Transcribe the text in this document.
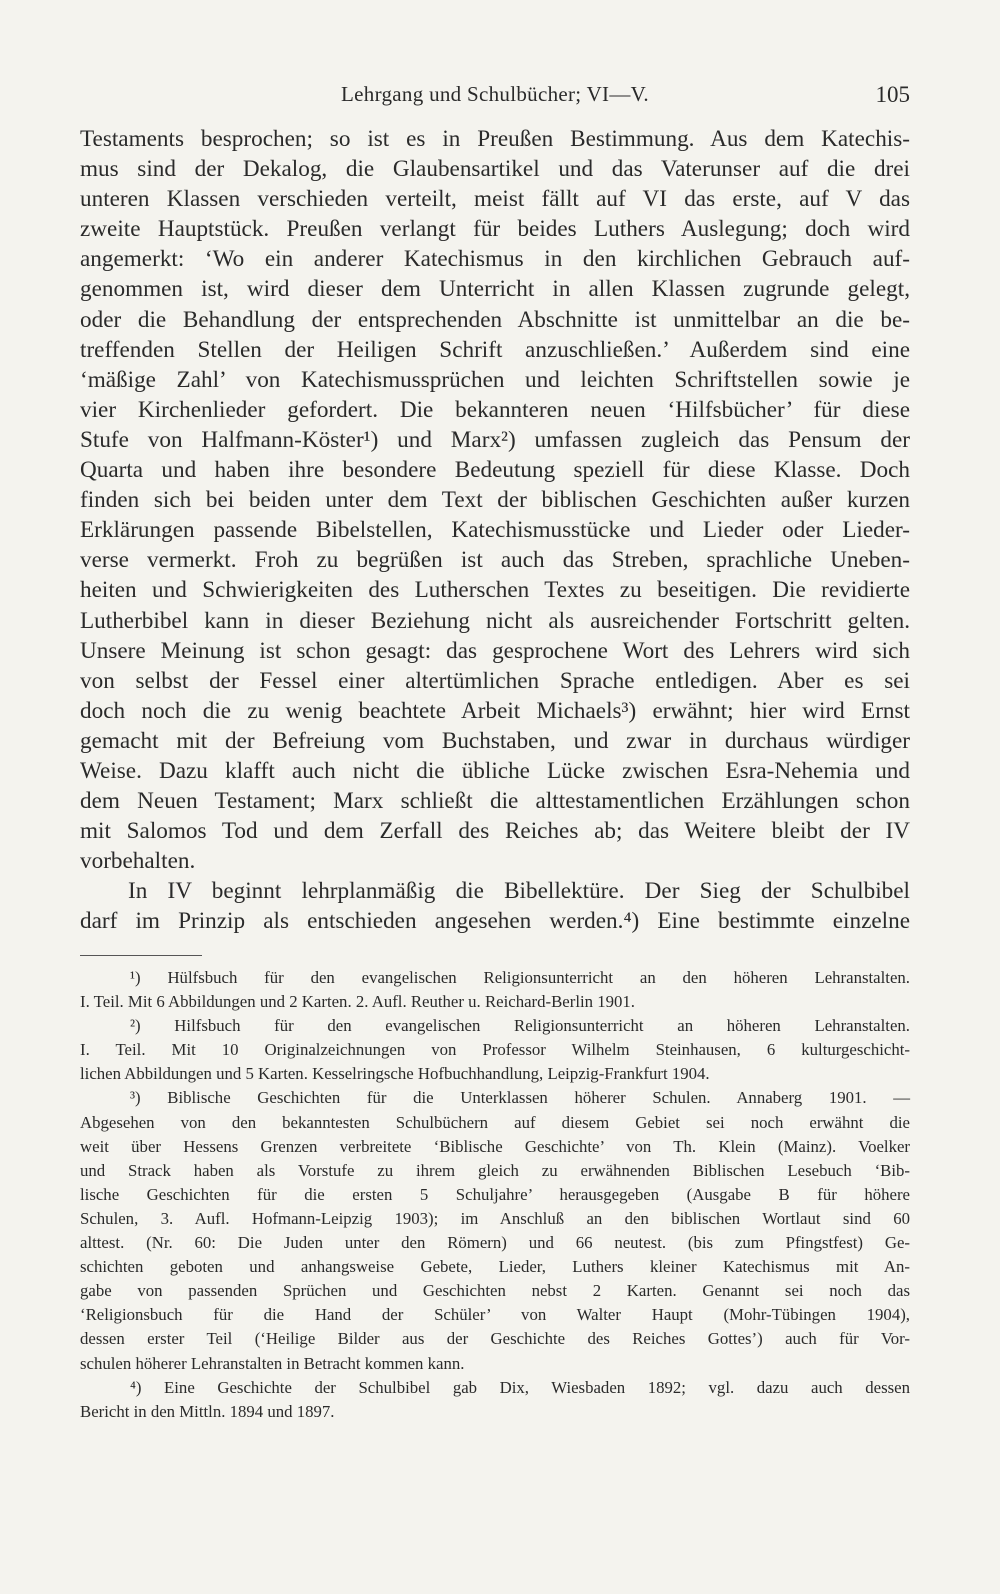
Lehrgang und Schulbücher; VI—V.	105
Testaments besprochen; so ist es in Preußen Bestimmung. Aus dem Katechis-
mus sind der Dekalog, die Glaubensartikel und das Vaterunser auf die drei
unteren Klassen verschieden verteilt, meist fällt auf VI das erste, auf V das
zweite Hauptstück. Preußen verlangt für beides Luthers Auslegung; doch wird
angemerkt: ʻWo ein anderer Katechismus in den kirchlichen Gebrauch auf-
genommen ist, wird dieser dem Unterricht in allen Klassen zugrunde gelegt,
oder die Behandlung der entsprechenden Abschnitte ist unmittelbar an die be-
treffenden Stellen der Heiligen Schrift anzuschließen.’ Außerdem sind eine
ʻmäßige Zahl’ von Katechismussprüchen und leichten Schriftstellen sowie je
vier Kirchenlieder gefordert. Die bekannteren neuen ʻHilfsbücher’ für diese
Stufe von Halfmann-Köster¹) und Marx²) umfassen zugleich das Pensum der
Quarta und haben ihre besondere Bedeutung speziell für diese Klasse. Doch
finden sich bei beiden unter dem Text der biblischen Geschichten außer kurzen
Erklärungen passende Bibelstellen, Katechismusstücke und Lieder oder Lieder-
verse vermerkt. Froh zu begrüßen ist auch das Streben, sprachliche Uneben-
heiten und Schwierigkeiten des Lutherschen Textes zu beseitigen. Die revidierte
Lutherbibel kann in dieser Beziehung nicht als ausreichender Fortschritt gelten.
Unsere Meinung ist schon gesagt: das gesprochene Wort des Lehrers wird sich
von selbst der Fessel einer altertümlichen Sprache entledigen. Aber es sei
doch noch die zu wenig beachtete Arbeit Michaels³) erwähnt; hier wird Ernst
gemacht mit der Befreiung vom Buchstaben, und zwar in durchaus würdiger
Weise. Dazu klafft auch nicht die übliche Lücke zwischen Esra-Nehemia und
dem Neuen Testament; Marx schließt die alttestamentlichen Erzählungen schon
mit Salomos Tod und dem Zerfall des Reiches ab; das Weitere bleibt der IV
vorbehalten.
In IV beginnt lehrplanmäßig die Bibellektüre. Der Sieg der Schulbibel
darf im Prinzip als entschieden angesehen werden.⁴) Eine bestimmte einzelne
¹) Hülfsbuch für den evangelischen Religionsunterricht an den höheren Lehranstalten.
I. Teil. Mit 6 Abbildungen und 2 Karten. 2. Aufl. Reuther u. Reichard-Berlin 1901.
²) Hilfsbuch für den evangelischen Religionsunterricht an höheren Lehranstalten.
I. Teil. Mit 10 Originalzeichnungen von Professor Wilhelm Steinhausen, 6 kulturgeschicht-
lichen Abbildungen und 5 Karten. Kesselringsche Hofbuchhandlung, Leipzig-Frankfurt 1904.
³) Biblische Geschichten für die Unterklassen höherer Schulen. Annaberg 1901. —
Abgesehen von den bekanntesten Schulbüchern auf diesem Gebiet sei noch erwähnt die
weit über Hessens Grenzen verbreitete ʻBiblische Geschichte’ von Th. Klein (Mainz). Voelker
und Strack haben als Vorstufe zu ihrem gleich zu erwähnenden Biblischen Lesebuch ʻBib-
lische Geschichten für die ersten 5 Schuljahre’ herausgegeben (Ausgabe B für höhere
Schulen, 3. Aufl. Hofmann-Leipzig 1903); im Anschluß an den biblischen Wortlaut sind 60
alttest. (Nr. 60: Die Juden unter den Römern) und 66 neutest. (bis zum Pfingstfest) Ge-
schichten geboten und anhangsweise Gebete, Lieder, Luthers kleiner Katechismus mit An-
gabe von passenden Sprüchen und Geschichten nebst 2 Karten. Genannt sei noch das
ʻReligionsbuch für die Hand der Schüler’ von Walter Haupt (Mohr-Tübingen 1904),
dessen erster Teil (ʻHeilige Bilder aus der Geschichte des Reiches Gottes’) auch für Vor-
schulen höherer Lehranstalten in Betracht kommen kann.
⁴) Eine Geschichte der Schulbibel gab Dix, Wiesbaden 1892; vgl. dazu auch dessen
Bericht in den Mittln. 1894 und 1897.
